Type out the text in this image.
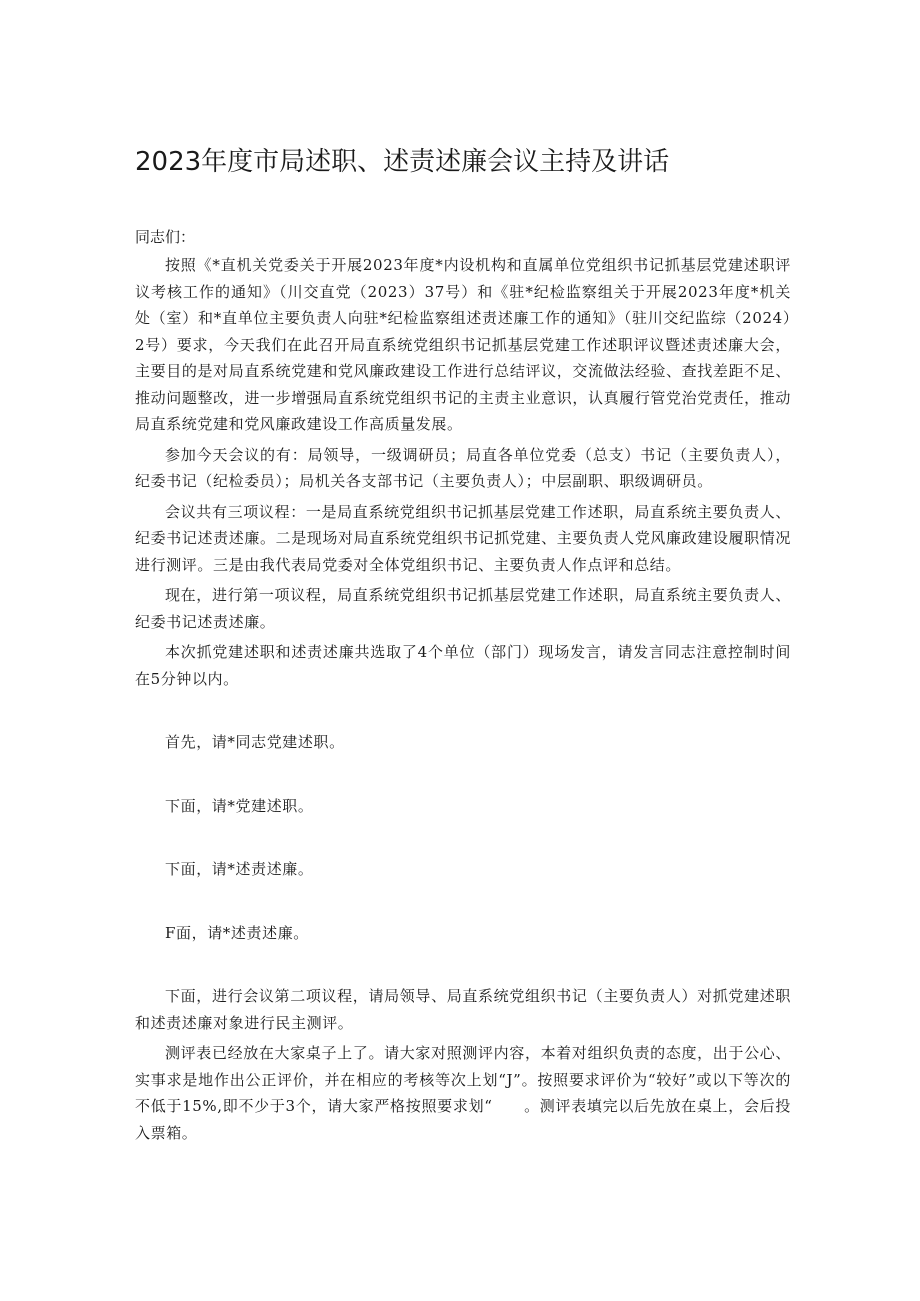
2023年度市局述职、述责述廉会议主持及讲话

同志们：

按照《*直机关党委关于开展2023年度*内设机构和直属单位党组织书记抓基层党建述职评议考核工作的通知》（川交直党（2023）37号）和《驻*纪检监察组关于开展2023年度*机关处（室）和*直单位主要负责人向驻*纪检监察组述责述廉工作的通知》（驻川交纪监综（2024）2号）要求，今天我们在此召开局直系统党组织书记抓基层党建工作述职评议暨述责述廉大会，主要目的是对局直系统党建和党风廉政建设工作进行总结评议，交流做法经验、查找差距不足、推动问题整改，进一步增强局直系统党组织书记的主责主业意识，认真履行管党治党责任，推动局直系统党建和党风廉政建设工作高质量发展。

参加今天会议的有：局领导，一级调研员；局直各单位党委（总支）书记（主要负责人），纪委书记（纪检委员）；局机关各支部书记（主要负责人）；中层副职、职级调研员。

会议共有三项议程：一是局直系统党组织书记抓基层党建工作述职，局直系统主要负责人、纪委书记述责述廉。二是现场对局直系统党组织书记抓党建、主要负责人党风廉政建设履职情况进行测评。三是由我代表局党委对全体党组织书记、主要负责人作点评和总结。

现在，进行第一项议程，局直系统党组织书记抓基层党建工作述职，局直系统主要负责人、纪委书记述责述廉。

本次抓党建述职和述责述廉共选取了4个单位（部门）现场发言，请发言同志注意控制时间在5分钟以内。

首先，请*同志党建述职。

下面，请*党建述职。

下面，请*述责述廉。

F面，请*述责述廉。

下面，进行会议第二项议程，请局领导、局直系统党组织书记（主要负责人）对抓党建述职和述责述廉对象进行民主测评。

测评表已经放在大家桌子上了。请大家对照测评内容，本着对组织负责的态度，出于公心、实事求是地作出公正评价，并在相应的考核等次上划“J”。按照要求评价为“较好”或以下等次的不低于15%,即不少于3个，请大家严格按照要求划“　　。测评表填完以后先放在桌上，会后投入票箱。
